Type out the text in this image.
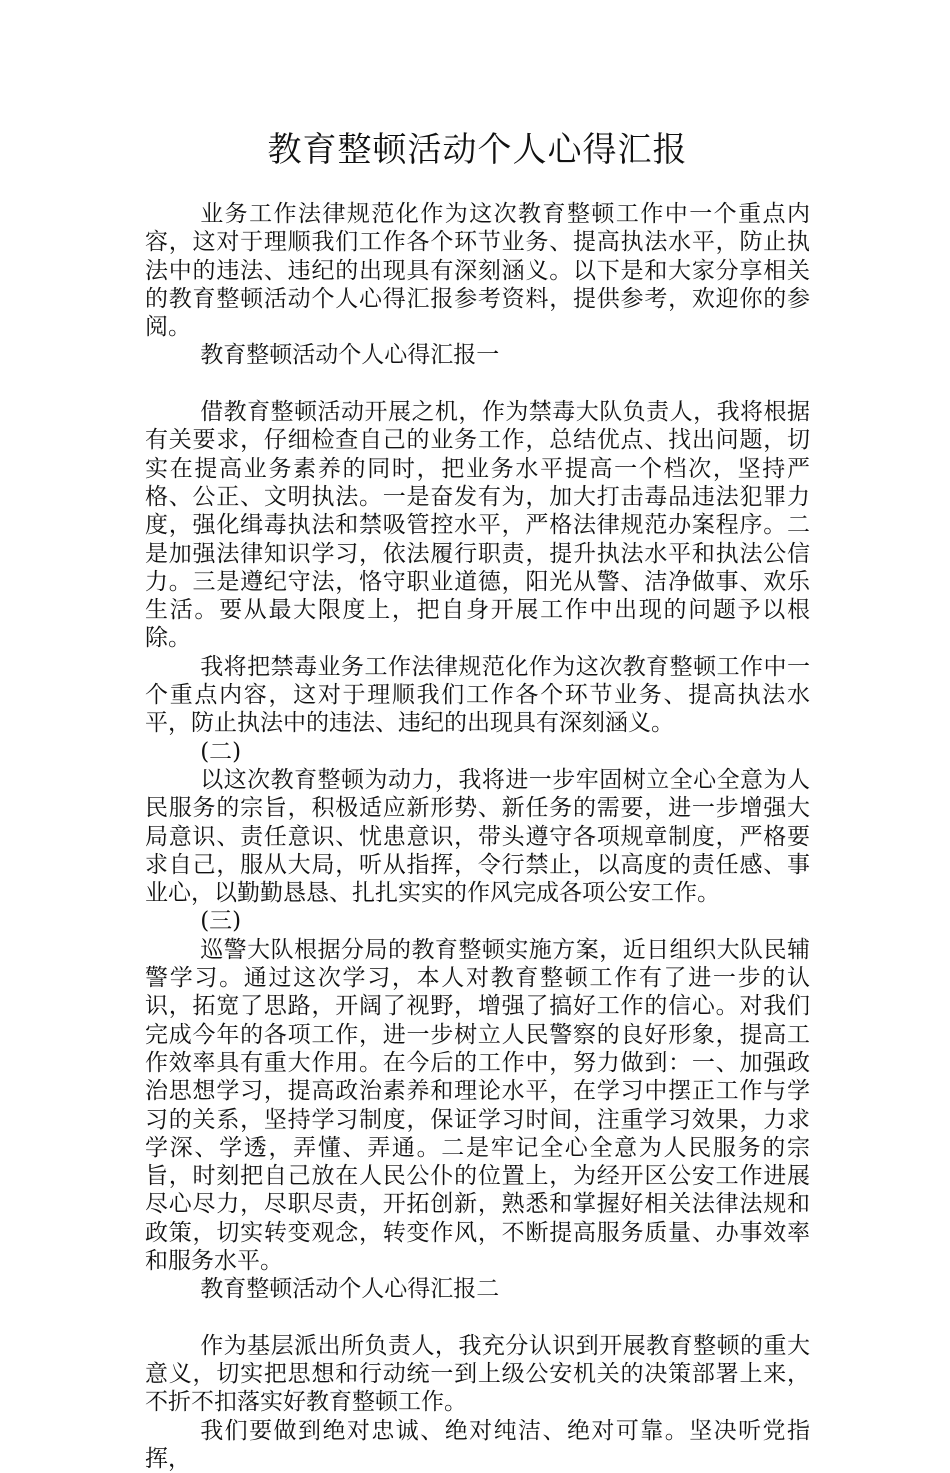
教育整顿活动个人心得汇报

业务工作法律规范化作为这次教育整顿工作中一个重点内容，这对于理顺我们工作各个环节业务、提高执法水平，防止执法中的违法、违纪的出现具有深刻涵义。以下是和大家分享相关的教育整顿活动个人心得汇报参考资料，提供参考，欢迎你的参阅。

教育整顿活动个人心得汇报一

借教育整顿活动开展之机，作为禁毒大队负责人，我将根据有关要求，仔细检查自己的业务工作，总结优点、找出问题，切实在提高业务素养的同时，把业务水平提高一个档次，坚持严格、公正、文明执法。一是奋发有为，加大打击毒品违法犯罪力度，强化缉毒执法和禁吸管控水平，严格法律规范办案程序。二是加强法律知识学习，依法履行职责，提升执法水平和执法公信力。三是遵纪守法，恪守职业道德，阳光从警、洁净做事、欢乐生活。要从最大限度上，把自身开展工作中出现的问题予以根除。

我将把禁毒业务工作法律规范化作为这次教育整顿工作中一个重点内容，这对于理顺我们工作各个环节业务、提高执法水平，防止执法中的违法、违纪的出现具有深刻涵义。

(二)

以这次教育整顿为动力，我将进一步牢固树立全心全意为人民服务的宗旨，积极适应新形势、新任务的需要，进一步增强大局意识、责任意识、忧患意识，带头遵守各项规章制度，严格要求自己，服从大局，听从指挥，令行禁止，以高度的责任感、事业心，以勤勤恳恳、扎扎实实的作风完成各项公安工作。

(三)

巡警大队根据分局的教育整顿实施方案，近日组织大队民辅警学习。通过这次学习，本人对教育整顿工作有了进一步的认识，拓宽了思路，开阔了视野，增强了搞好工作的信心。对我们完成今年的各项工作，进一步树立人民警察的良好形象，提高工作效率具有重大作用。在今后的工作中，努力做到：一、加强政治思想学习，提高政治素养和理论水平，在学习中摆正工作与学习的关系，坚持学习制度，保证学习时间，注重学习效果，力求学深、学透，弄懂、弄通。二是牢记全心全意为人民服务的宗旨，时刻把自己放在人民公仆的位置上，为经开区公安工作进展尽心尽力，尽职尽责，开拓创新，熟悉和掌握好相关法律法规和政策，切实转变观念，转变作风，不断提高服务质量、办事效率和服务水平。

教育整顿活动个人心得汇报二

作为基层派出所负责人，我充分认识到开展教育整顿的重大意义，切实把思想和行动统一到上级公安机关的决策部署上来，不折不扣落实好教育整顿工作。

我们要做到绝对忠诚、绝对纯洁、绝对可靠。坚决听党指挥，
